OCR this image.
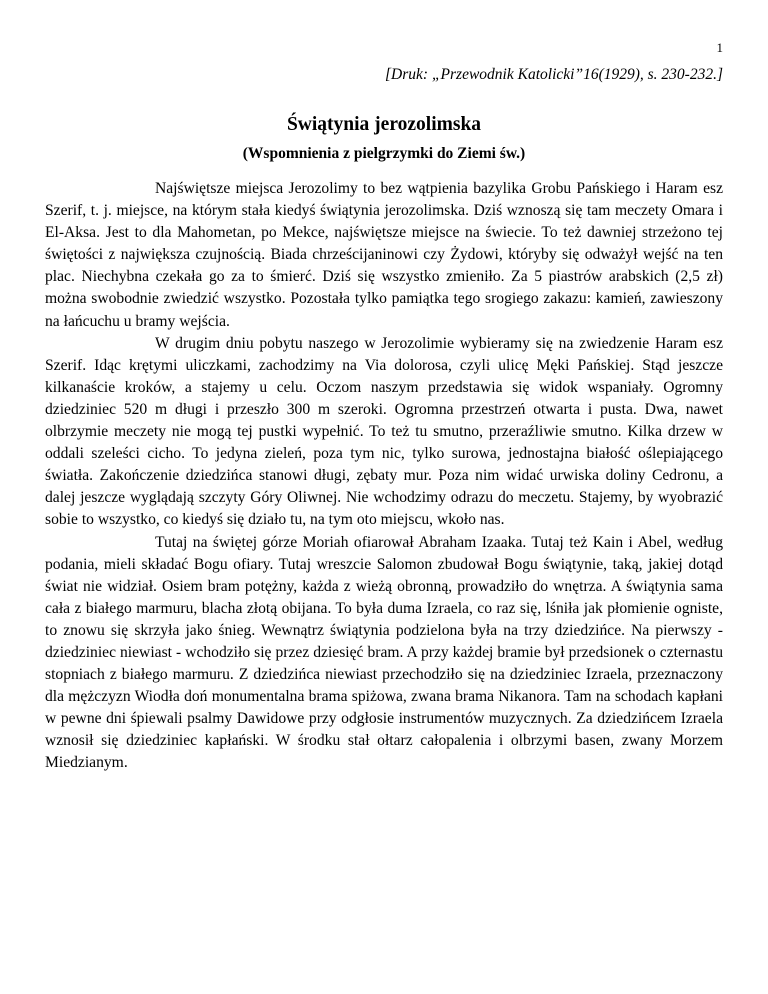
1
[Druk: „Przewodnik Katolicki”16(1929), s. 230-232.]
Świątynia jerozolimska
(Wspomnienia z pielgrzymki do Ziemi św.)

Najświętsze miejsca Jerozolimy to bez wątpienia bazylika Grobu Pańskiego i Haram esz Szerif, t. j. miejsce, na którym stała kiedyś świątynia jerozolimska. Dziś wznoszą się tam meczety Omara i El-Aksa. Jest to dla Mahometan, po Mekce, najświętsze miejsce na świecie. To też dawniej strzeżono tej świętości z największa czujnością. Biada chrześcijaninowi czy Żydowi, któryby się odważył wejść na ten plac. Niechybna czekała go za to śmierć. Dziś się wszystko zmieniło. Za 5 piastrów arabskich (2,5 zł) można swobodnie zwiedzić wszystko. Pozostała tylko pamiątka tego srogiego zakazu: kamień, zawieszony na łańcuchu u bramy wejścia.

W drugim dniu pobytu naszego w Jerozolimie wybieramy się na zwiedzenie Haram esz Szerif. Idąc krętymi uliczkami, zachodzimy na Via dolorosa, czyli ulicę Męki Pańskiej. Stąd jeszcze kilkanaście kroków, a stajemy u celu. Oczom naszym przedstawia się widok wspaniały. Ogromny dziedziniec 520 m długi i przeszło 300 m szeroki. Ogromna przestrzeń otwarta i pusta. Dwa, nawet olbrzymie meczety nie mogą tej pustki wypełnić. To też tu smutno, przeraźliwie smutno. Kilka drzew w oddali szeleści cicho. To jedyna zieleń, poza tym nic, tylko surowa, jednostajna białość oślepiającego światła. Zakończenie dziedzińca stanowi długi, zębaty mur. Poza nim widać urwiska doliny Cedronu, a dalej jeszcze wyglądają szczyty Góry Oliwnej. Nie wchodzimy odrazu do meczetu. Stajemy, by wyobrazić sobie to wszystko, co kiedyś się działo tu, na tym oto miejscu, wkoło nas.

Tutaj na świętej górze Moriah ofiarował Abraham Izaaka. Tutaj też Kain i Abel, według podania, mieli składać Bogu ofiary. Tutaj wreszcie Salomon zbudował Bogu świątynie, taką, jakiej dotąd świat nie widział. Osiem bram potężny, każda z wieżą obronną, prowadziło do wnętrza. A świątynia sama cała z białego marmuru, blacha złotą obijana. To była duma Izraela, co raz się, lśniła jak płomienie ogniste, to znowu się skrzyła jako śnieg. Wewnątrz świątynia podzielona była na trzy dziedzińce. Na pierwszy - dziedziniec niewiast - wchodziło się przez dziesięć bram. A przy każdej bramie był przedsionek o czternastu stopniach z białego marmuru. Z dziedzińca niewiast przechodziło się na dziedziniec Izraela, przeznaczony dla mężczyzn Wiodła doń monumentalna brama spiżowa, zwana brama Nikanora. Tam na schodach kapłani w pewne dni śpiewali psalmy Dawidowe przy odgłosie instrumentów muzycznych. Za dziedzińcem Izraela wznosił się dziedziniec kapłański. W środku stał ołtarz całopalenia i olbrzymi basen, zwany Morzem Miedzianym.
